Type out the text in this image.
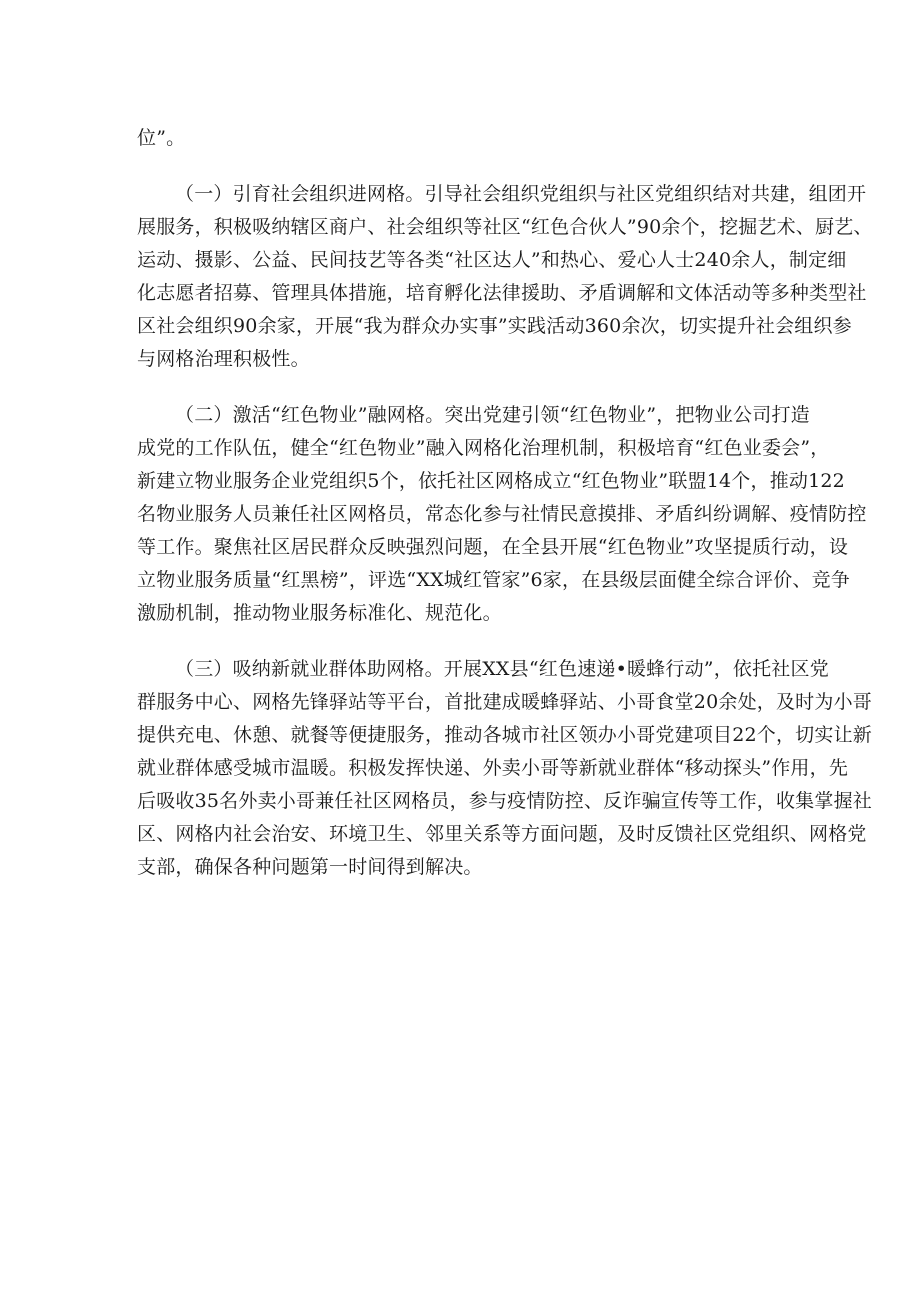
位”。
（一）引育社会组织进网格。引导社会组织党组织与社区党组织结对共建，组团开
展服务，积极吸纳辖区商户、社会组织等社区“红色合伙人”90余个，挖掘艺术、厨艺、
运动、摄影、公益、民间技艺等各类“社区达人”和热心、爱心人士240余人，制定细
化志愿者招募、管理具体措施，培育孵化法律援助、矛盾调解和文体活动等多种类型社
区社会组织90余家，开展“我为群众办实事”实践活动360余次，切实提升社会组织参
与网格治理积极性。
（二）激活“红色物业”融网格。突出党建引领“红色物业”，把物业公司打造
成党的工作队伍，健全“红色物业”融入网格化治理机制，积极培育“红色业委会”，
新建立物业服务企业党组织5个，依托社区网格成立“红色物业”联盟14个，推动122
名物业服务人员兼任社区网格员，常态化参与社情民意摸排、矛盾纠纷调解、疫情防控
等工作。聚焦社区居民群众反映强烈问题，在全县开展“红色物业”攻坚提质行动，设
立物业服务质量“红黑榜”，评选“XX城红管家”6家，在县级层面健全综合评价、竞争
激励机制，推动物业服务标准化、规范化。
（三）吸纳新就业群体助网格。开展XX县“红色速递•暖蜂行动”，依托社区党
群服务中心、网格先锋驿站等平台，首批建成暖蜂驿站、小哥食堂20余处，及时为小哥
提供充电、休憩、就餐等便捷服务，推动各城市社区领办小哥党建项目22个，切实让新
就业群体感受城市温暖。积极发挥快递、外卖小哥等新就业群体“移动探头”作用，先
后吸收35名外卖小哥兼任社区网格员，参与疫情防控、反诈骗宣传等工作，收集掌握社
区、网格内社会治安、环境卫生、邻里关系等方面问题，及时反馈社区党组织、网格党
支部，确保各种问题第一时间得到解决。
